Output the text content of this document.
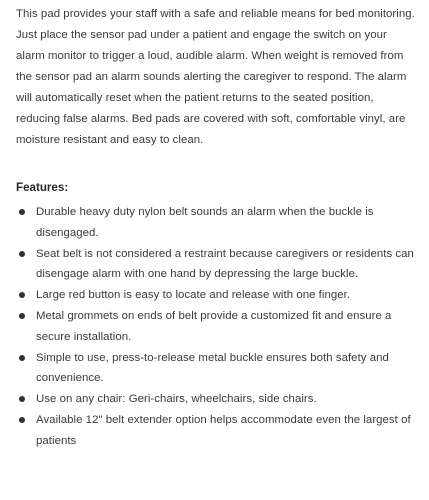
This pad provides your staff with a safe and reliable means for bed monitoring. Just place the sensor pad under a patient and engage the switch on your alarm monitor to trigger a loud, audible alarm. When weight is removed from the sensor pad an alarm sounds alerting the caregiver to respond. The alarm will automatically reset when the patient returns to the seated position, reducing false alarms. Bed pads are covered with soft, comfortable vinyl, are moisture resistant and easy to clean.

Features:
Durable heavy duty nylon belt sounds an alarm when the buckle is disengaged.
Seat belt is not considered a restraint because caregivers or residents can disengage alarm with one hand by depressing the large buckle.
Large red button is easy to locate and release with one finger.
Metal grommets on ends of belt provide a customized fit and ensure a secure installation.
Simple to use, press-to-release metal buckle ensures both safety and convenience.
Use on any chair: Geri-chairs, wheelchairs, side chairs.
Available 12" belt extender option helps accommodate even the largest of patients
